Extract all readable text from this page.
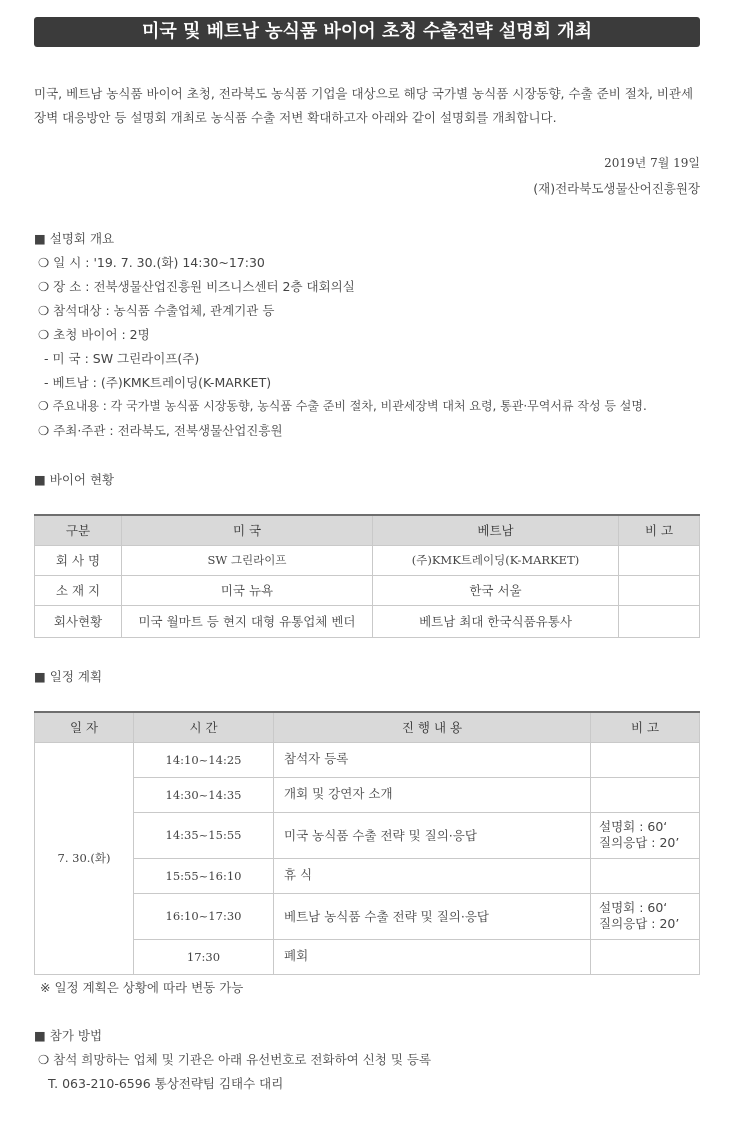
미국 및 베트남 농식품 바이어 초청 수출전략 설명회 개최
미국, 베트남 농식품 바이어 초청, 전라북도 농식품 기업을 대상으로 해당 국가별 농식품 시장동향, 수출 준비 절차, 비관세장벽 대응방안 등 설명회 개최로 농식품 수출 저변 확대하고자 아래와 같이 설명회를 개최합니다.
2019년 7월 19일
(재)전라북도생물산어진흥원장
■ 설명회 개요
❍ 일 시 : '19. 7. 30.(화) 14:30~17:30
❍ 장 소 : 전북생물산업진흥원 비즈니스센터 2층 대회의실
❍ 참석대상 : 농식품 수출업체, 관계기관 등
❍ 초청 바이어 : 2명
- 미 국 : SW 그린라이프(주)
- 베트남 : (주)KMK트레이딩(K-MARKET)
❍ 주요내용 : 각 국가별 농식품 시장동향, 농식품 수출 준비 절차, 비관세장벽 대처 요령, 통관·무역서류 작성 등 설명.
❍ 주최·주관 : 전라북도, 전북생물산업진흥원
■ 바이어 현황
구분	미 국	베트남	비 고
회 사 명	SW 그린라이프	(주)KMK트레이딩(K-MARKET)	
소 재 지	미국 뉴욕	한국 서울	
회사현황	미국 월마트 등 현지 대형 유통업체 벤더	베트남 최대 한국식품유통사	
■ 일정 계획
일 자	시 간	진 행 내 용	비 고
7. 30.(화)	14:10~14:25	참석자 등록	
	14:30~14:35	개회 및 강연자 소개	
	14:35~15:55	미국 농식품 수출 전략 및 질의·응답	설명회 : 60‘
질의응답 : 20’

	15:55~16:10	휴 식	
	16:10~17:30	베트남 농식품 수출 전략 및 질의·응답	설명회 : 60‘
질의응답 : 20’

	17:30	폐회	
※ 일정 계획은 상황에 따라 변동 가능
■ 참가 방법
❍ 참석 희망하는 업체 및 기관은 아래 유선번호로 전화하여 신청 및 등록
T. 063-210-6596 통상전략팀 김태수 대리
